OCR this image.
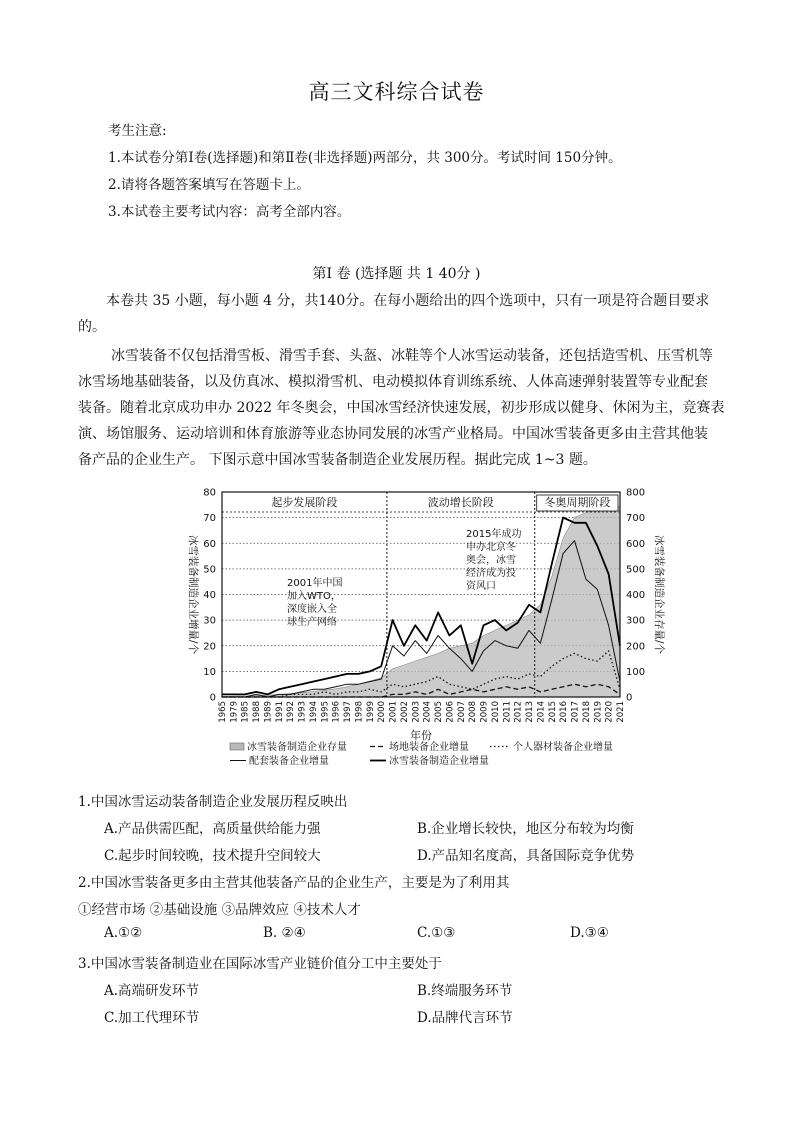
高三文科综合试卷
考生注意:
1.本试卷分第Ⅰ卷(选择题)和第Ⅱ卷(非选择题)两部分，共 300分。考试时间 150分钟。
2.请将各题答案填写在答题卡上。
3.本试卷主要考试内容：高考全部内容。
第Ⅰ 卷 (选择题 共 1 40分 )
本卷共 35 小题，每小题 4 分，共140分。在每小题给出的四个选项中，只有一项是符合题目要求
的。
冰雪装备不仅包括滑雪板、滑雪手套、头盔、冰鞋等个人冰雪运动装备，还包括造雪机、压雪机等
冰雪场地基础装备，以及仿真冰、模拟滑雪机、电动模拟体育训练系统、人体高速弹射装置等专业配套
装备。随着北京成功申办 2022 年冬奥会，中国冰雪经济快速发展，初步形成以健身、休闲为主，竞赛表
演、场馆服务、运动培训和体育旅游等业态协同发展的冰雪产业格局。中国冰雪装备更多由主营其他装
备产品的企业生产。 下图示意中国冰雪装备制造企业发展历程。据此完成 1~3 题。
起步发展阶段	波动增长阶段	冬奥周期阶段
0
10
20
30
40
50
60
70
80
0
100
200
300
400
500
600
700
800
1965 1979 1985 1988 1989 1991 1992 1993 1994 1995 1996 1997 1998 1999 2000 2001 2002 2003 2004 2005 2006 2007 2008 2009 2010 2011 2012 2013 2014 2015 2016 2017 2018 2019 2020 2021
年份
冰雪装备制造企业增量/个	冰雪装备制造企业存量/个
2001年中国
加入WTO，
深度嵌入全
球生产网络
2015年成功
申办北京冬
奥会，冰雪
经济成为投
资风口
冰雪装备制造企业存量	场地装备企业增量	个人器材装备企业增量
配套装备企业增量	冰雪装备制造企业增量
1.中国冰雪运动装备制造企业发展历程反映出
A.产品供需匹配，高质量供给能力强	B.企业增长较快，地区分布较为均衡
C.起步时间较晚，技术提升空间较大	D.产品知名度高，具备国际竞争优势
2.中国冰雪装备更多由主营其他装备产品的企业生产，主要是为了利用其
①经营市场 ②基础设施 ③品牌效应 ④技术人才
A.①②	B. ②④	C.①③	D.③④
3.中国冰雪装备制造业在国际冰雪产业链价值分工中主要处于
A.高端研发环节	B.终端服务环节
C.加工代理环节	D.品牌代言环节
